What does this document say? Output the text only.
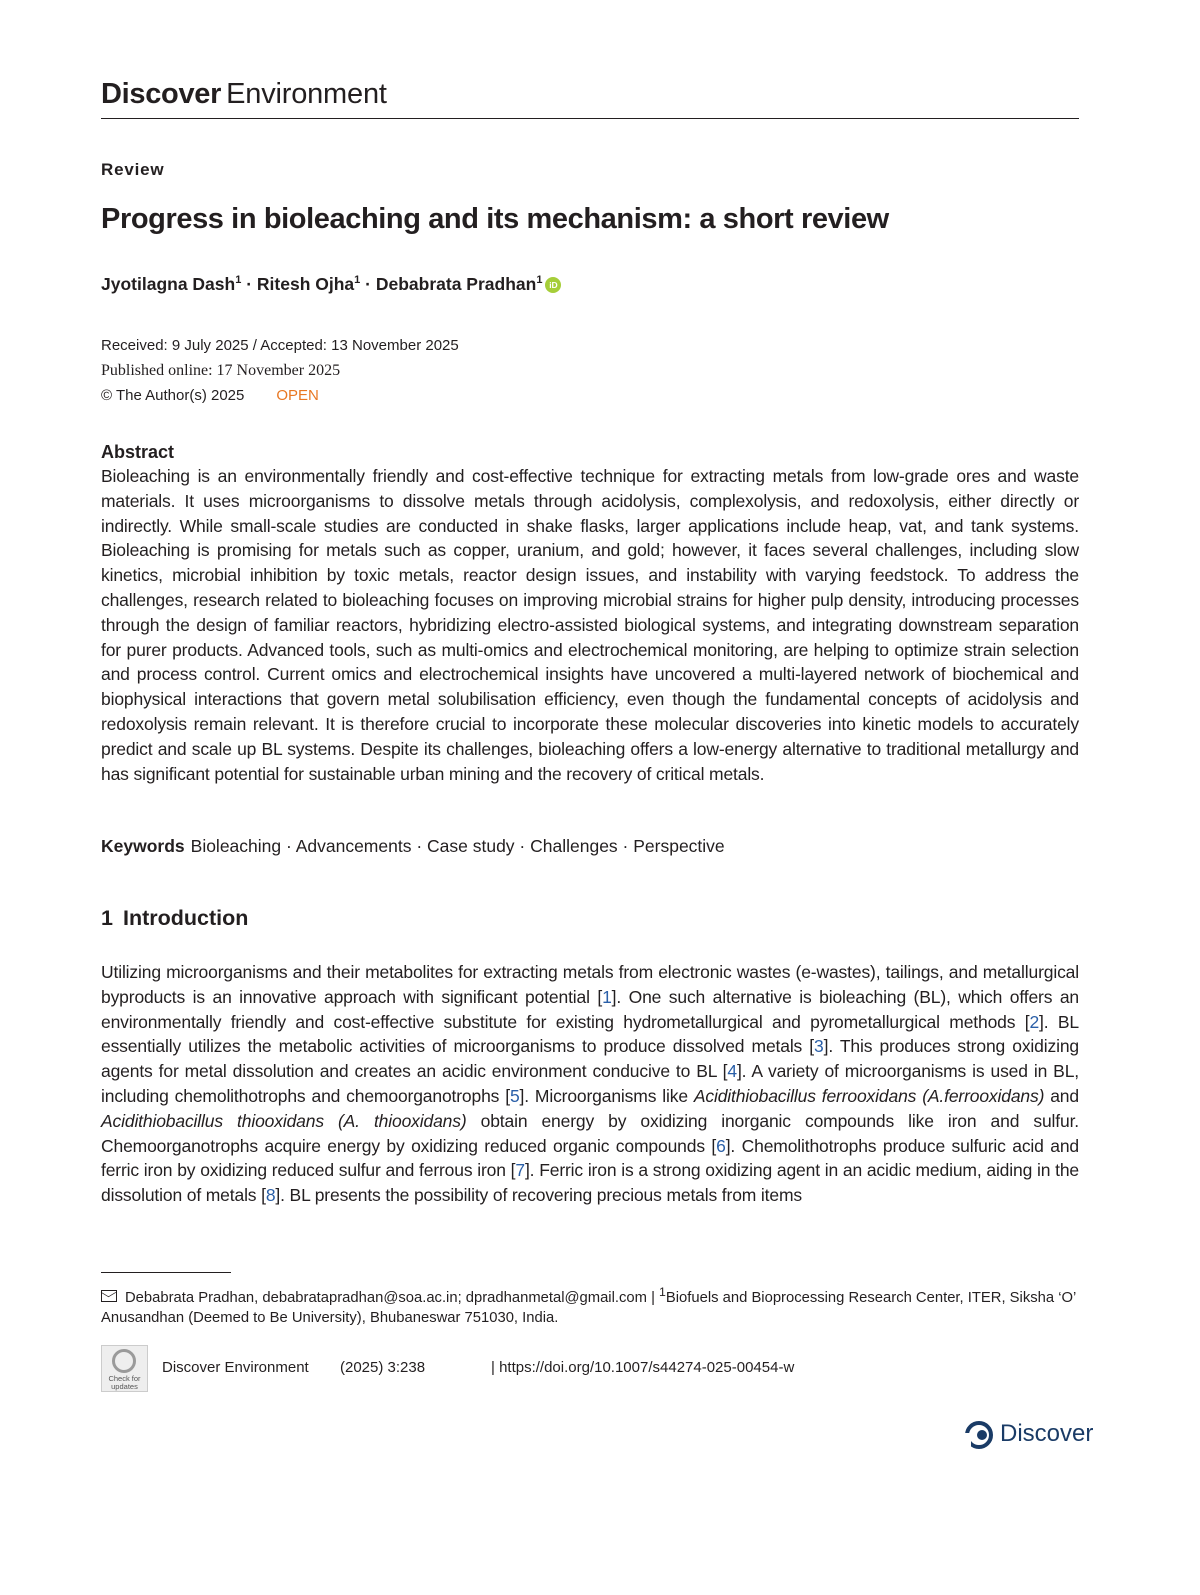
Discover Environment
Review
Progress in bioleaching and its mechanism: a short review
Jyotilagna Dash$^1$ · Ritesh Ojha$^1$ · Debabrata Pradhan$^1$ iD
Received: 9 July 2025 / Accepted: 13 November 2025
Published online: 17 November 2025
© The Author(s) 2025 OPEN
Abstract

Bioleaching is an environmentally friendly and cost-effective technique for extracting metals from low-grade ores and waste materials. It uses microorganisms to dissolve metals through acidolysis, complexolysis, and redoxolysis, either directly or indirectly. While small-scale studies are conducted in shake flasks, larger applications include heap, vat, and tank systems. Bioleaching is promising for metals such as copper, uranium, and gold; however, it faces several challenges, including slow kinetics, microbial inhibition by toxic metals, reactor design issues, and instability with varying feedstock. To address the challenges, research related to bioleaching focuses on improving microbial strains for higher pulp density, introducing processes through the design of familiar reactors, hybridizing electro-assisted biological systems, and integrating downstream separation for purer products. Advanced tools, such as multi-omics and electrochemical monitoring, are helping to optimize strain selection and process control. Current omics and electrochemical insights have uncovered a multi-layered network of biochemical and biophysical interactions that govern metal solubilisation efficiency, even though the fundamental concepts of acidolysis and redoxolysis remain relevant. It is therefore crucial to incorporate these molecular discoveries into kinetic models to accurately predict and scale up BL systems. Despite its challenges, bioleaching offers a low-energy alternative to traditional metallurgy and has significant potential for sustainable urban mining and the recovery of critical metals.

Keywords Bioleaching · Advancements · Case study · Challenges · Perspective
1 Introduction

Utilizing microorganisms and their metabolites for extracting metals from electronic wastes (e-wastes), tailings, and metallurgical byproducts is an innovative approach with significant potential [1]. One such alternative is bioleaching (BL), which offers an environmentally friendly and cost-effective substitute for existing hydrometallurgical and pyrometallurgical methods [2]. BL essentially utilizes the metabolic activities of microorganisms to produce dissolved metals [3]. This produces strong oxidizing agents for metal dissolution and creates an acidic environment conducive to BL [4]. A variety of microorganisms is used in BL, including chemolithotrophs and chemoorganotrophs [5]. Microorganisms like Acidithiobacillus ferrooxidans (A.ferrooxidans) and Acidithiobacillus thiooxidans (A. thiooxidans) obtain energy by oxidizing inorganic compounds like iron and sulfur. Chemoorganotrophs acquire energy by oxidizing reduced organic compounds [6]. Chemolithotrophs produce sulfuric acid and ferric iron by oxidizing reduced sulfur and ferrous iron [7]. Ferric iron is a strong oxidizing agent in an acidic medium, aiding in the dissolution of metals [8]. BL presents the possibility of recovering precious metals from items

Debabrata Pradhan, debabratapradhan@soa.ac.in; dpradhanmetal@gmail.com | $^1$Biofuels and Bioprocessing Research Center, ITER, Siksha ‘O’ Anusandhan (Deemed to Be University), Bhubaneswar 751030, India.
Check for updates
Discover Environment (2025) 3:238	| https://doi.org/10.1007/s44274-025-00454-w
Discover
